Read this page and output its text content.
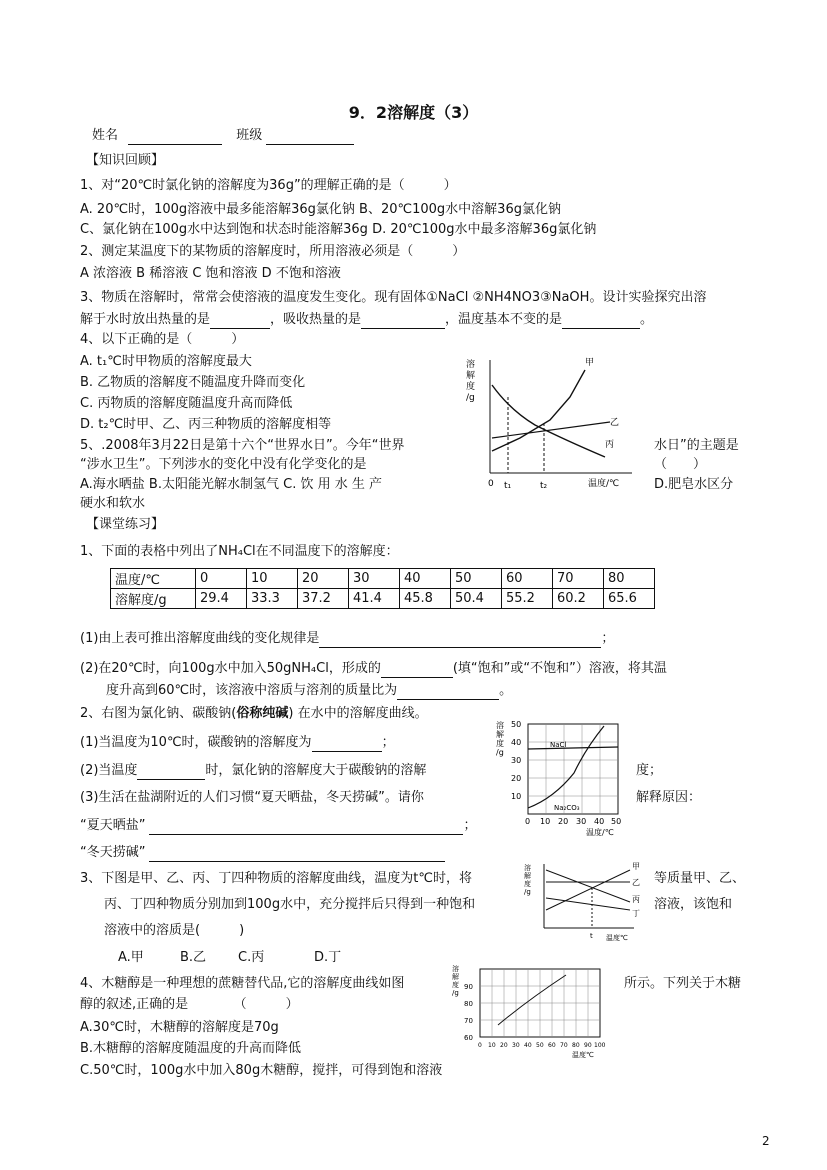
9．2溶解度（3）
姓名	班级
【知识回顾】
1、对“20℃时氯化钠的溶解度为36g”的理解正确的是（　　　）
A. 20℃时，100g溶液中最多能溶解36g氯化钠 B、20℃100g水中溶解36g氯化钠
C、氯化钠在100g水中达到饱和状态时能溶解36g D. 20℃100g水中最多溶解36g氯化钠
2、测定某温度下的某物质的溶解度时，所用溶液必须是（　　　）
A 浓溶液 B 稀溶液 C 饱和溶液 D 不饱和溶液
3、物质在溶解时，常常会使溶液的温度发生变化。现有固体①NaCl ②NH4NO3③NaOH。设计实验探究出溶
解于水时放出热量的是	，吸收热量的是	，温度基本不变的是	。
4、以下正确的是（　　　）
A. t₁℃时甲物质的溶解度最大
B. 乙物质的溶解度不随温度升降而变化
C. 丙物质的溶解度随温度升高而降低
D. t₂℃时甲、乙、丙三种物质的溶解度相等
5、.2008年3月22日是第十六个“世界水日”。今年“世界	水日”的主题是
“涉水卫生”。下列涉水的变化中没有化学变化的是	（　　）
A.海水晒盐 B.太阳能光解水制氢气 C. 饮 用 水 生 产	D.肥皂水区分
硬水和软水
溶
解
度
/g
甲
乙
丙
0 t₁	t₂	温度/℃
【课堂练习】
1、下面的表格中列出了NH₄Cl在不同温度下的溶解度：
温度/℃	0	10	20	30	40	50	60	70	80
溶解度/g	29.4	33.3	37.2	41.4	45.8	50.4	55.2	60.2	65.6
(1)由上表可推出溶解度曲线的变化规律是	；
(2)在20℃时，向100g水中加入50gNH₄Cl，形成的	(填“饱和”或“不饱和”）溶液，将其温
度升高到60℃时，该溶液中溶质与溶剂的质量比为	。
2、右图为氯化钠、碳酸钠(俗称纯碱) 在水中的溶解度曲线。
(1)当温度为10℃时，碳酸钠的溶解度为	；
(2)当温度	时，氯化钠的溶解度大于碳酸钠的溶解	度；
(3)生活在盐湖附近的人们习惯“夏天晒盐，冬天捞碱”。请你	解释原因：
“夏天晒盐”	；
“冬天捞碱”
溶
解
度
/g
NaCl
Na₂CO₃
50
40
30
20
10
0 10 20 30 40 50
温度/℃
3、下图是甲、乙、丙、丁四种物质的溶解度曲线，温度为t℃时，将	等质量甲、乙、
丙、丁四种物质分别加到100g水中，充分搅拌后只得到一种饱和	溶液，该饱和
溶液中的溶质是(　　　)
A.甲	B.乙 C.丙	D.丁
溶
解
度
/g
甲
乙
丙
丁
t 温度℃
4、木糖醇是一种理想的蔗糖替代品,它的溶解度曲线如图	所示。下列关于木糖
醇的叙述,正确的是　　　　（　　　）
A.30℃时，木糖醇的溶解度是70g
B.木糖醇的溶解度随温度的升高而降低
C.50℃时，100g水中加入80g木糖醇，搅拌，可得到饱和溶液
溶
解
度
/g
90
80
70
60
0 10 20 30 40 50 60 70 80 90 100
温度℃
2
